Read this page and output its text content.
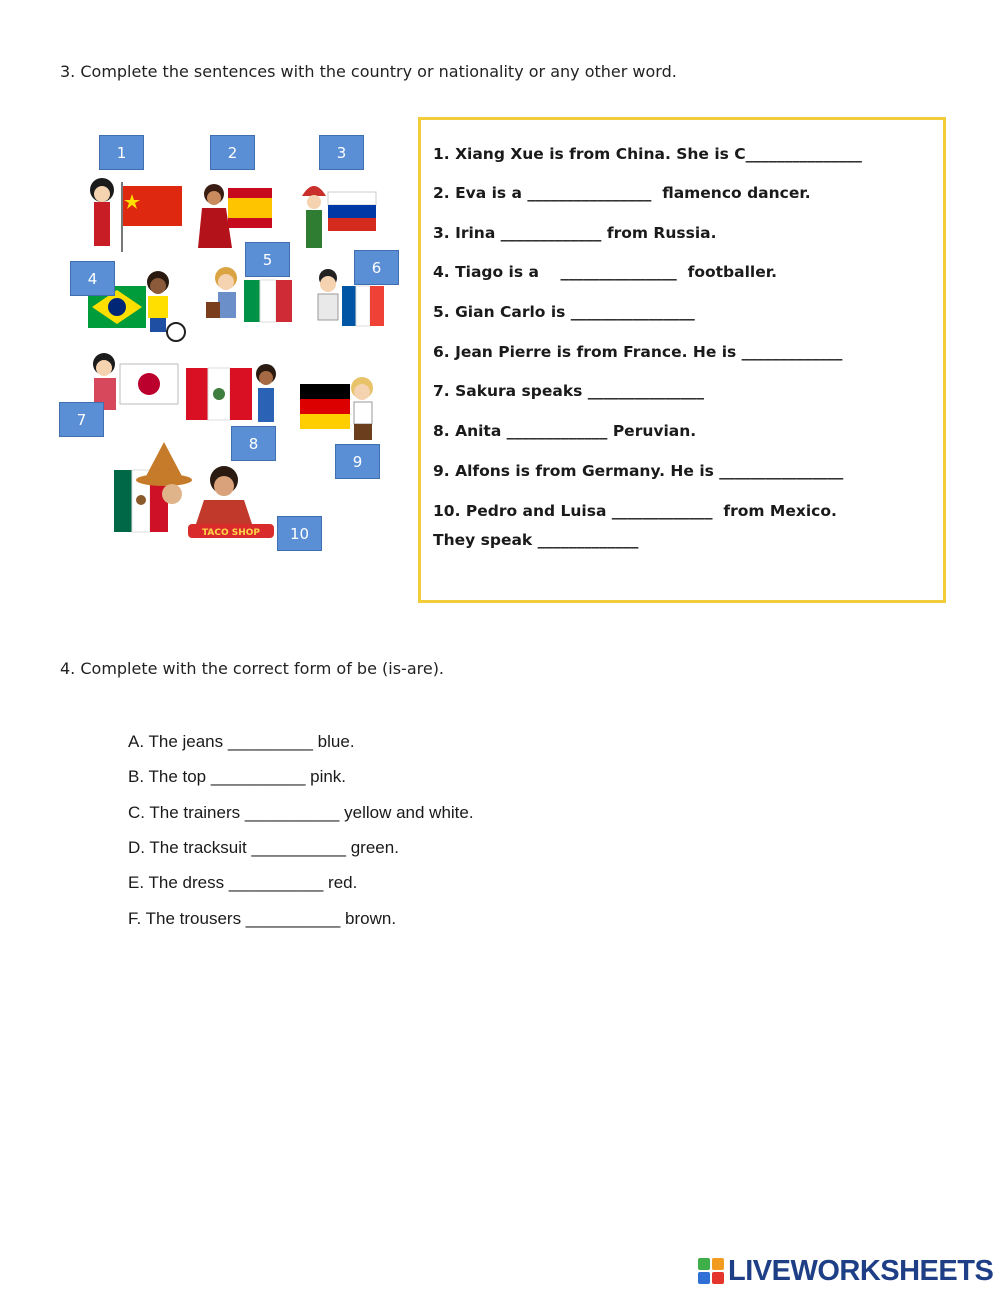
3. Complete the sentences with the country or nationality or any other word.
4. Complete with the correct form of be (is-are).
TACO SHOP
1	2	3
4
5	6
7
8
9
10
1. Xiang Xue is from China. She is C_______________
2. Eva is a ________________  flamenco dancer.
3. Irina _____________ from Russia.
4. Tiago is a    _______________  footballer.
5. Gian Carlo is ________________
6. Jean Pierre is from France. He is _____________
7. Sakura speaks _______________
8. Anita _____________ Peruvian.
9. Alfons is from Germany. He is ________________
10. Pedro and Luisa _____________  from Mexico.
They speak _____________
A. The jeans _________ blue.
B. The top __________ pink.
C. The trainers __________ yellow and white.
D. The tracksuit __________ green.
E. The dress __________ red.
F. The trousers __________ brown.
LIVEWORKSHEETS
